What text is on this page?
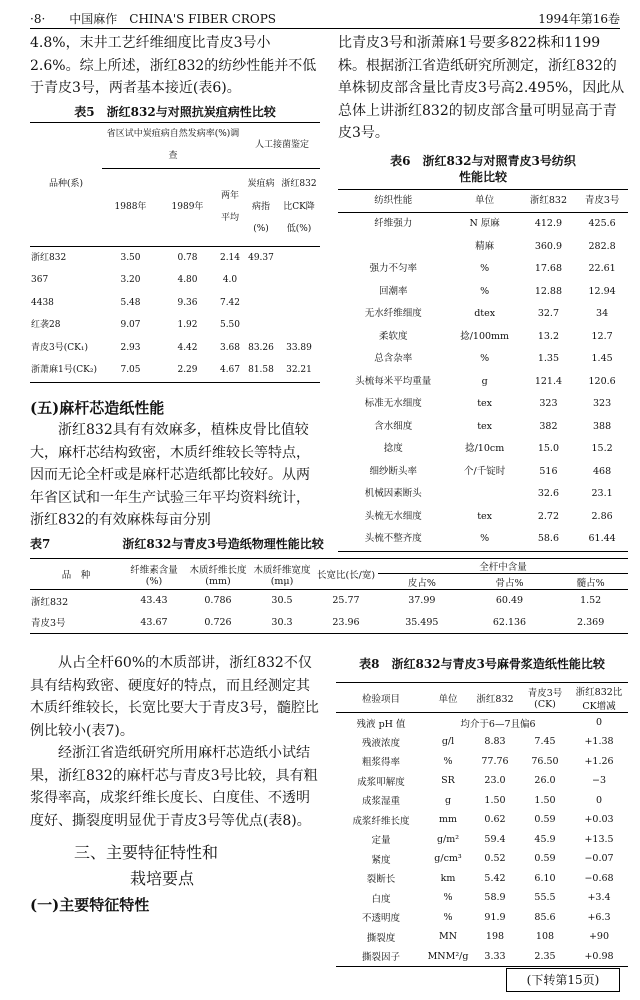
·8·　　 中国麻作　CHINA'S FIBER CROPS	1994年第16卷

4.8%，末井工艺纤维细度比青皮3号小2.6%。综上所述，浙红832的纺纱性能并不低于青皮3号，两者基本接近(表6)。

表5　浙红832与对照抗炭疽病性比较
品种(系)	省区试中炭疽病自然发病率(%)调查			人工接菌鉴定	
	1988年	1989年	两年平均	炭疽病病指(%)	浙红832比CK降低(%)
浙红832	3.50	0.78	2.14	49.37	
367	3.20	4.80	4.0		
4438	5.48	9.36	7.42		
红袭28	9.07	1.92	5.50		
青皮3号(CK₁)	2.93	4.42	3.68	83.26	33.89
浙萧麻1号(CK₂)	7.05	2.29	4.67	81.58	32.21

(五)麻杆芯造纸性能

浙红832具有有效麻多，植株皮骨比值较大，麻杆芯结构致密，木质纤维较长等特点，因而无论全杆或是麻杆芯造纸都比较好。从两年省区试和一年生产试验三年平均资料统计，浙红832的有效麻株每亩分别

比青皮3号和浙萧麻1号要多822株和1199株。根据浙江省造纸研究所测定，浙红832的单株韧皮部含量比青皮3号高2.495%，因此从总体上讲浙红832的韧皮部含量可明显高于青皮3号。

表6　浙红832与对照青皮3号纺织
性能比较
纺织性能	单位	浙红832	青皮3号
纤维强力	N 原麻	412.9	425.6
	精麻	360.9	282.8
强力不匀率	%	17.68	22.61
回潮率	%	12.88	12.94
无水纤维细度	dtex	32.7	34
柔软度	捻/100mm	13.2	12.7
总含杂率	%	1.35	1.45
头梳每米平均重量	g	121.4	120.6
标准无水细度	tex	323	323
含水细度	tex	382	388
捻度	捻/10cm	15.0	15.2
细纱断头率	个/千锭时	516	468
机械因素断头		32.6	23.1
头梳无水细度	tex	2.72	2.86
头梳不整齐度	%	58.6	61.44
表7　　　　　　浙红832与青皮3号造纸物理性能比较
品　种	纤维素含量(%)	木质纤维长度(mm)	木质纤维宽度(mμ)	长宽比(长/宽)	全杆中含量		
					皮占%	骨占%	髓占%
浙红832	43.43	0.786	30.5	25.77	37.99	60.49	1.52
青皮3号	43.67	0.726	30.3	23.96	35.495	62.136	2.369

从占全杆60%的木质部讲，浙红832不仅具有结构致密、硬度好的特点，而且经测定其木质纤维较长，长宽比要大于青皮3号，髓腔比例比较小(表7)。

经浙江省造纸研究所用麻杆芯造纸小试结果，浙红832的麻杆芯与青皮3号比较，具有粗浆得率高，成浆纤维长度长、白度佳、不透明度好、撕裂度明显优于青皮3号等优点(表8)。

三、主要特征特性和
栽培要点

(一)主要特征特性

表8　浙红832与青皮3号麻骨浆造纸性能比较
检验项目	单位	浙红832	青皮3号(CK)	浙红832比CK增减
残液 pH 值	均介于6—7且偏6			0
残液浓度	g/l	8.83	7.45	+1.38
粗浆得率	%	77.76	76.50	+1.26
成浆叩解度	SR	23.0	26.0	−3
成浆湿重	g	1.50	1.50	0
成浆纤维长度	mm	0.62	0.59	+0.03
定量	g/m²	59.4	45.9	+13.5
紧度	g/cm³	0.52	0.59	−0.07
裂断长	km	5.42	6.10	−0.68
白度	%	58.9	55.5	+3.4
不透明度	%	91.9	85.6	+6.3
撕裂度	MN	198	108	+90
撕裂因子	MNM²/g	3.33	2.35	+0.98
(下转第15页)
